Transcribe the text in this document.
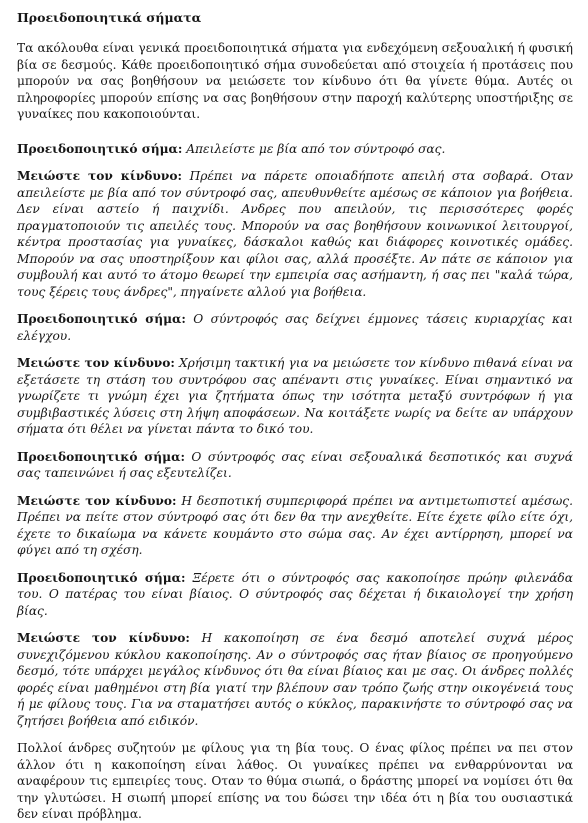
Προειδοποιητικά σήματα

Τα ακόλουθα είναι γενικά προειδοποιητικά σήματα για ενδεχόμενη σεξουαλική ή φυσική βία σε δεσμούς. Κάθε προειδοποιητικό σήμα συνοδεύεται από στοιχεία ή προτάσεις που μπορούν να σας βοηθήσουν να μειώσετε τον κίνδυνο ότι θα γίνετε θύμα. Αυτές οι πληροφορίες μπορούν επίσης να σας βοηθήσουν στην παροχή καλύτερης υποστήριξης σε γυναίκες που κακοποιούνται.

Προειδοποιητικό σήμα: Απειλείστε με βία από τον σύντροφό σας.

Μειώστε τον κίνδυνο: Πρέπει να πάρετε οποιαδήποτε απειλή στα σοβαρά. Οταν απειλείστε με βία από τον σύντροφό σας, απευθυνθείτε αμέσως σε κάποιον για βοήθεια. Δεν είναι αστείο ή παιχνίδι. Ανδρες που απειλούν, τις περισσότερες φορές πραγματοποιούν τις απειλές τους. Μπορούν να σας βοηθήσουν κοινωνικοί λειτουργοί, κέντρα προστασίας για γυναίκες, δάσκαλοι καθώς και διάφορες κοινοτικές ομάδες. Μπορούν να σας υποστηρίξουν και φίλοι σας, αλλά προσέξτε. Αν πάτε σε κάποιον για συμβουλή και αυτό το άτομο θεωρεί την εμπειρία σας ασήμαντη, ή σας πει "καλά τώρα, τους ξέρεις τους άνδρες", πηγαίνετε αλλού για βοήθεια.

Προειδοποιητικό σήμα: Ο σύντροφός σας δείχνει έμμονες τάσεις κυριαρχίας και ελέγχου.

Μειώστε τον κίνδυνο: Χρήσιμη τακτική για να μειώσετε τον κίνδυνο πιθανά είναι να εξετάσετε τη στάση του συντρόφου σας απέναντι στις γυναίκες. Είναι σημαντικό να γνωρίζετε τι γνώμη έχει για ζητήματα όπως την ισότητα μεταξύ συντρόφων ή για συμβιβαστικές λύσεις στη λήψη αποφάσεων. Να κοιτάξετε νωρίς να δείτε αν υπάρχουν σήματα ότι θέλει να γίνεται πάντα το δικό του.

Προειδοποιητικό σήμα: Ο σύντροφός σας είναι σεξουαλικά δεσποτικός και συχνά σας ταπεινώνει ή σας εξευτελίζει.

Μειώστε τον κίνδυνο: Η δεσποτική συμπεριφορά πρέπει να αντιμετωπιστεί αμέσως. Πρέπει να πείτε στον σύντροφό σας ότι δεν θα την ανεχθείτε. Είτε έχετε φίλο είτε όχι, έχετε το δικαίωμα να κάνετε κουμάντο στο σώμα σας. Αν έχει αντίρρηση, μπορεί να φύγει από τη σχέση.

Προειδοποιητικό σήμα: Ξέρετε ότι ο σύντροφός σας κακοποίησε πρώην φιλενάδα του. Ο πατέρας του είναι βίαιος. Ο σύντροφός σας δέχεται ή δικαιολογεί την χρήση βίας.

Μειώστε τον κίνδυνο: Η κακοποίηση σε ένα δεσμό αποτελεί συχνά μέρος συνεχιζόμενου κύκλου κακοποίησης. Αν ο σύντροφός σας ήταν βίαιος σε προηγούμενο δεσμό, τότε υπάρχει μεγάλος κίνδυνος ότι θα είναι βίαιος και με σας. Οι άνδρες πολλές φορές είναι μαθημένοι στη βία γιατί την βλέπουν σαν τρόπο ζωής στην οικογένειά τους ή με φίλους τους. Για να σταματήσει αυτός ο κύκλος, παρακινήστε το σύντροφό σας να ζητήσει βοήθεια από ειδικόν.

Πολλοί άνδρες συζητούν με φίλους για τη βία τους. Ο ένας φίλος πρέπει να πει στον άλλον ότι η κακοποίηση είναι λάθος. Οι γυναίκες πρέπει να ενθαρρύνονται να αναφέρουν τις εμπειρίες τους. Οταν το θύμα σιωπά, ο δράστης μπορεί να νομίσει ότι θα την γλυτώσει. Η σιωπή μπορεί επίσης να του δώσει την ιδέα ότι η βία του ουσιαστικά δεν είναι πρόβλημα.
